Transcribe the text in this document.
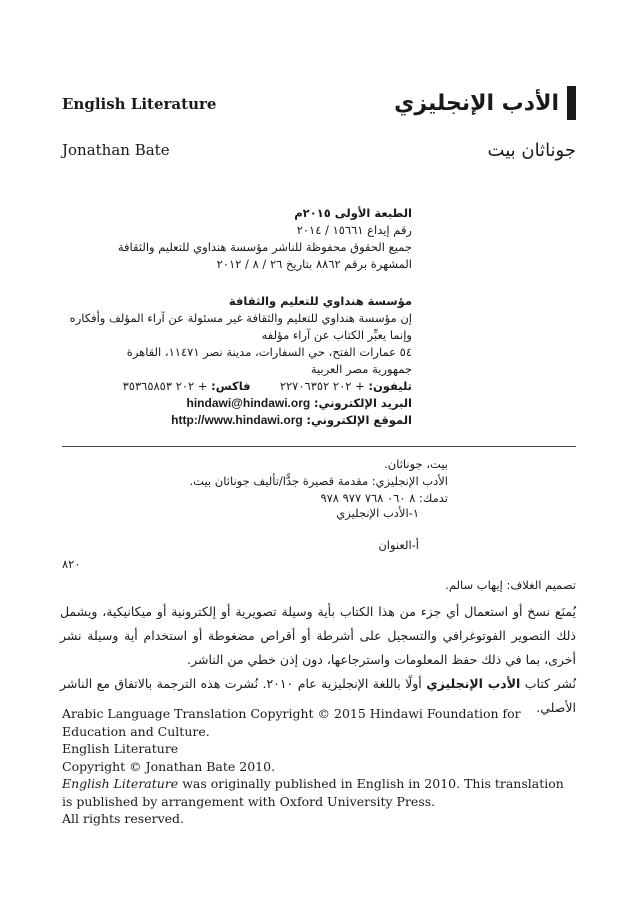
English Literature
Jonathan Bate
الأدب الإنجليزي
جوناثان بيت
الطبعة الأولى ٢٠١٥م
رقم إيداع ١٥٦٦١ / ٢٠١٤
جميع الحقوق محفوظة للناشر مؤسسة هنداوي للتعليم والثقافة
المشهرة برقم ٨٨٦٢ بتاريخ ٢٦ / ٨ / ٢٠١٢
مؤسسة هنداوي للتعليم والثقافة
إن مؤسسة هنداوي للتعليم والثقافة غير مسئولة عن آراء المؤلف وأفكاره
وإنما يعبِّر الكتاب عن آراء مؤلفه
٥٤ عمارات الفتح، حي السفارات، مدينة نصر ١١٤٧١، القاهرة
جمهورية مصر العربية
تليفون: + ٢٠٢ ٢٢٧٠٦٣٥٢        فاكس: + ٢٠٢ ٣٥٣٦٥٨٥٣
البريد الإلكتروني: hindawi@hindawi.org
الموقع الإلكتروني: http://www.hindawi.org
بيت، جوناثان.
الأدب الإنجليزي: مقدمة قصيرة جدًّا/تأليف جوناثان بيت.
تدمك: ٨ ٠٦٠ ٧٦٨ ٩٧٧ ٩٧٨
١-الأدب الإنجليزي
أ-العنوان
٨٢٠
تصميم الغلاف: إيهاب سالم.
يُمنَع نسخ أو استعمال أي جزء من هذا الكتاب بأية وسيلة تصويرية أو إلكترونية أو ميكانيكية، ويشمل ذلك التصوير الفوتوغرافي والتسجيل على أشرطة أو أقراص مضغوطة أو استخدام أية وسيلة نشر أخرى، بما في ذلك حفظ المعلومات واسترجاعها، دون إذن خطي من الناشر.
نُشر كتاب الأدب الإنجليزي أولًا باللغة الإنجليزية عام ٢٠١٠. نُشرت هذه الترجمة بالاتفاق مع الناشر الأصلي.

Arabic Language Translation Copyright © 2015 Hindawi Foundation for Education and Culture.

English Literature

Copyright © Jonathan Bate 2010.

English Literature was originally published in English in 2010. This translation is published by arrangement with Oxford University Press.

All rights reserved.
